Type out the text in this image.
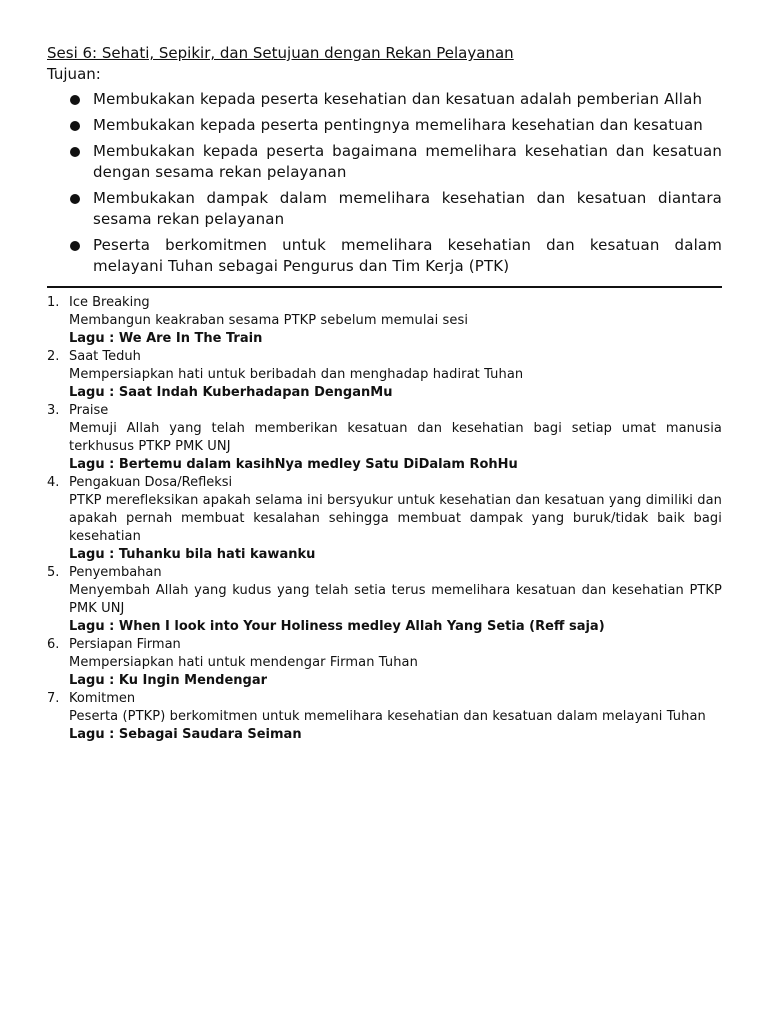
Sesi 6: Sehati, Sepikir, dan Setujuan dengan Rekan Pelayanan

Tujuan:
Membukakan kepada peserta kesehatian dan kesatuan adalah pemberian Allah
Membukakan kepada peserta pentingnya memelihara kesehatian dan kesatuan
Membukakan kepada peserta bagaimana memelihara kesehatian dan kesatuan dengan sesama rekan pelayanan
Membukakan dampak dalam memelihara kesehatian dan kesatuan diantara sesama rekan pelayanan
Peserta berkomitmen untuk memelihara kesehatian dan kesatuan dalam melayani Tuhan sebagai Pengurus dan Tim Kerja (PTK)
1. Ice Breaking
Membangun keakraban sesama PTKP sebelum memulai sesi
Lagu : We Are In The Train
2. Saat Teduh
Mempersiapkan hati untuk beribadah dan menghadap hadirat Tuhan
Lagu : Saat Indah Kuberhadapan DenganMu
3. Praise
Memuji Allah yang telah memberikan kesatuan dan kesehatian bagi setiap umat manusia terkhusus PTKP PMK UNJ
Lagu : Bertemu dalam kasihNya medley Satu DiDalam RohHu
4. Pengakuan Dosa/Refleksi
PTKP merefleksikan apakah selama ini bersyukur untuk kesehatian dan kesatuan yang dimiliki dan apakah pernah membuat kesalahan sehingga membuat dampak yang buruk/tidak baik bagi kesehatian
Lagu : Tuhanku bila hati kawanku
5. Penyembahan
Menyembah Allah yang kudus yang telah setia terus memelihara kesatuan dan kesehatian PTKP PMK UNJ
Lagu : When I look into Your Holiness medley Allah Yang Setia (Reff saja)
6. Persiapan Firman
Mempersiapkan hati untuk mendengar Firman Tuhan
Lagu : Ku Ingin Mendengar
7. Komitmen
Peserta (PTKP) berkomitmen untuk memelihara kesehatian dan kesatuan dalam melayani Tuhan
Lagu : Sebagai Saudara Seiman
